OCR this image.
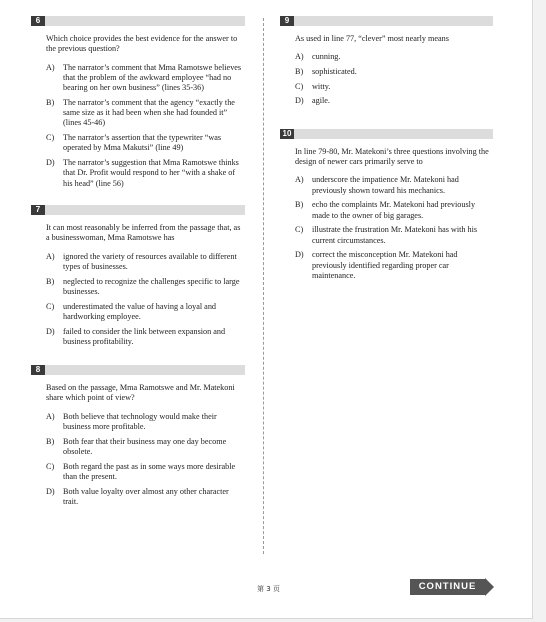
6

Which choice provides the best evidence for the answer to the previous question?

A) The narrator’s comment that Mma Ramotswe believes that the problem of the awkward employee “had no bearing on her own business” (lines 35-36)
B) The narrator’s comment that the agency “exactly the same size as it had been when she had founded it” (lines 45-46)
C) The narrator’s assertion that the typewriter “was operated by Mma Makutsi” (line 49)
D) The narrator’s suggestion that Mma Ramotswe thinks that Dr. Profit would respond to her “with a shake of his head” (line 56)
7

It can most reasonably be inferred from the passage that, as a businesswoman, Mma Ramotswe has

A) ignored the variety of resources available to different types of businesses.
B) neglected to recognize the challenges specific to large businesses.
C) underestimated the value of having a loyal and hardworking employee.
D) failed to consider the link between expansion and business profitability.
8

Based on the passage, Mma Ramotswe and Mr. Matekoni share which point of view?

A) Both believe that technology would make their business more profitable.
B) Both fear that their business may one day become obsolete.
C) Both regard the past as in some ways more desirable than the present.
D) Both value loyalty over almost any other character trait.
9

As used in line 77, “clever” most nearly means

A) cunning.
B) sophisticated.
C) witty.
D) agile.
10

In line 79-80, Mr. Matekoni’s three questions involving the design of newer cars primarily serve to

A) underscore the impatience Mr. Matekoni had previously shown toward his mechanics.
B) echo the complaints Mr. Matekoni had previously made to the owner of big garages.
C) illustrate the frustration Mr. Matekoni has with his current circumstances.
D) correct the misconception Mr. Matekoni had previously identified regarding proper car maintenance.
第 3 页	CONTINUE
